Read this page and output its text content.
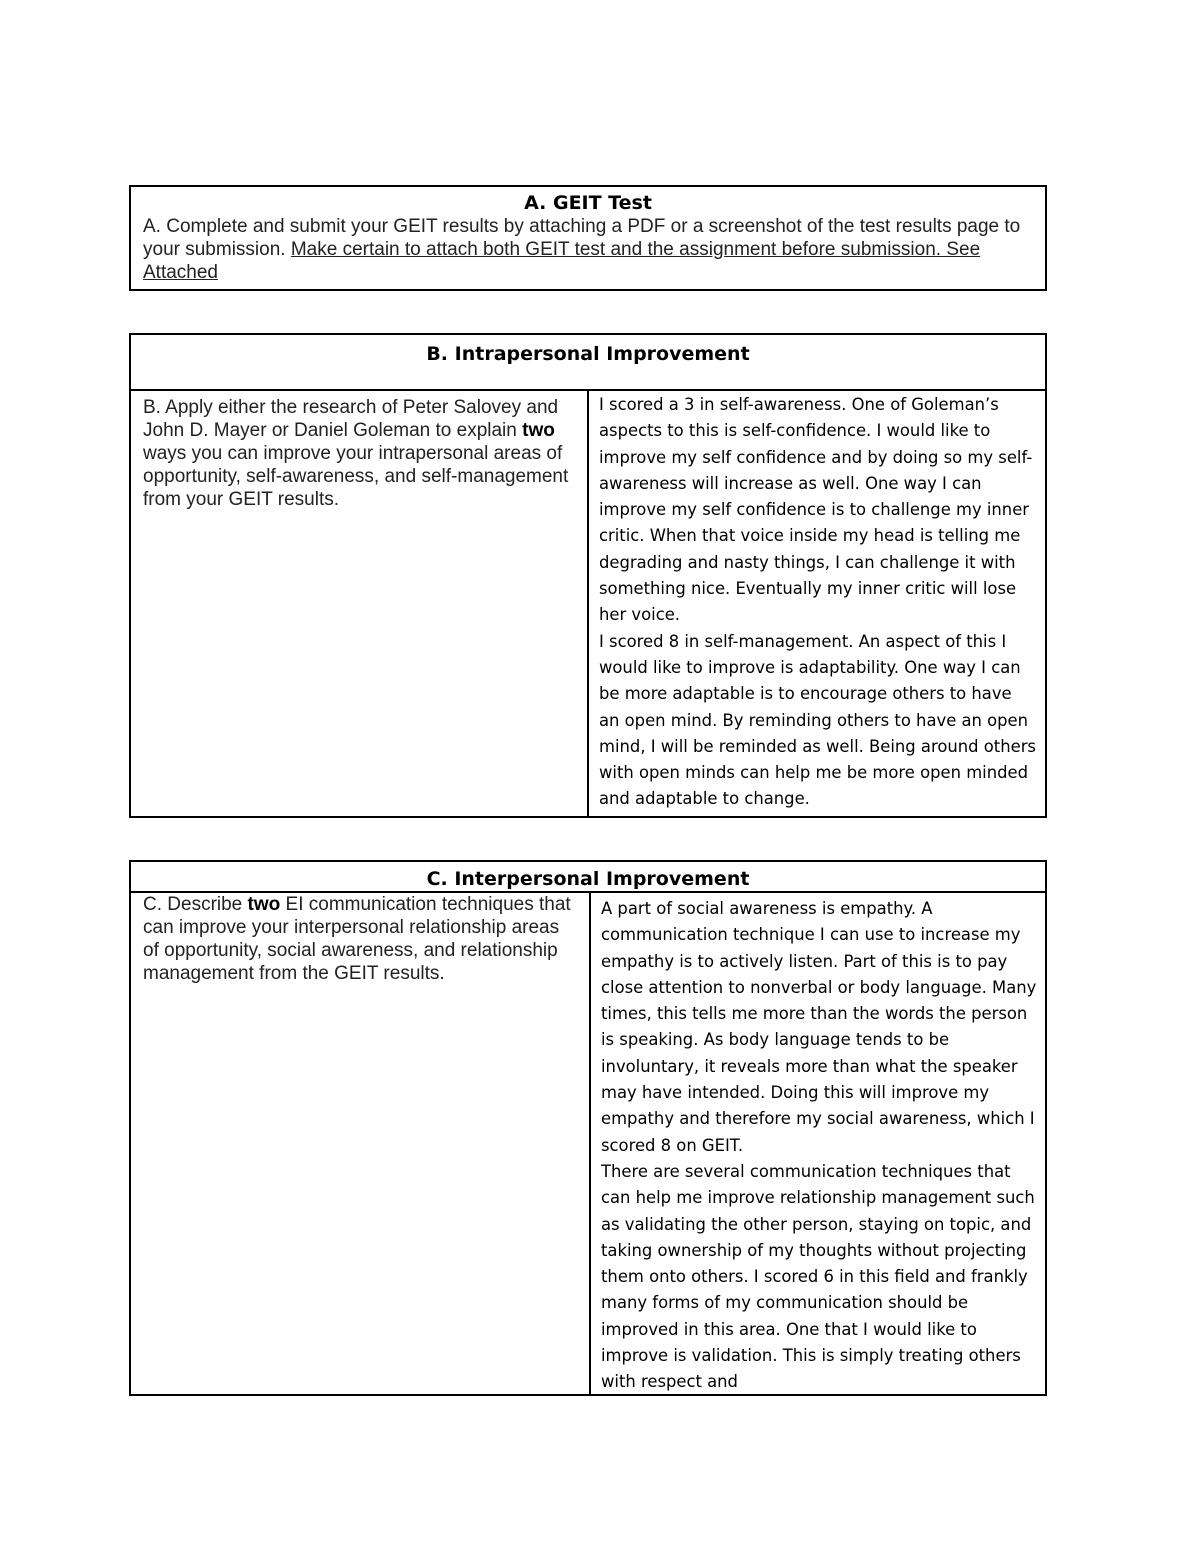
A. GEIT Test
A. Complete and submit your GEIT results by attaching a PDF or a screenshot of the test results page to your submission. Make certain to attach both GEIT test and the assignment before submission. See Attached
B. Intrapersonal Improvement
B. Apply either the research of Peter Salovey and John D. Mayer or Daniel Goleman to explain two ways you can improve your intrapersonal areas of opportunity, self-awareness, and self-management from your GEIT results.

I scored a 3 in self-awareness. One of Goleman’s aspects to this is self-confidence. I would like to improve my self confidence and by doing so my self-awareness will increase as well. One way I can improve my self confidence is to challenge my inner critic. When that voice inside my head is telling me degrading and nasty things, I can challenge it with something nice. Eventually my inner critic will lose her voice.

I scored 8 in self-management. An aspect of this I would like to improve is adaptability. One way I can be more adaptable is to encourage others to have an open mind. By reminding others to have an open mind, I will be reminded as well. Being around others with open minds can help me be more open minded and adaptable to change.

C. Interpersonal Improvement
C. Describe two EI communication techniques that can improve your interpersonal relationship areas of opportunity, social awareness, and relationship management from the GEIT results.

A part of social awareness is empathy. A communication technique I can use to increase my empathy is to actively listen. Part of this is to pay close attention to nonverbal or body language. Many times, this tells me more than the words the person is speaking. As body language tends to be involuntary, it reveals more than what the speaker may have intended. Doing this will improve my empathy and therefore my social awareness, which I scored 8 on GEIT.

There are several communication techniques that can help me improve relationship management such as validating the other person, staying on topic, and taking ownership of my thoughts without projecting them onto others. I scored 6 in this field and frankly many forms of my communication should be improved in this area. One that I would like to improve is validation. This is simply treating others with respect and
